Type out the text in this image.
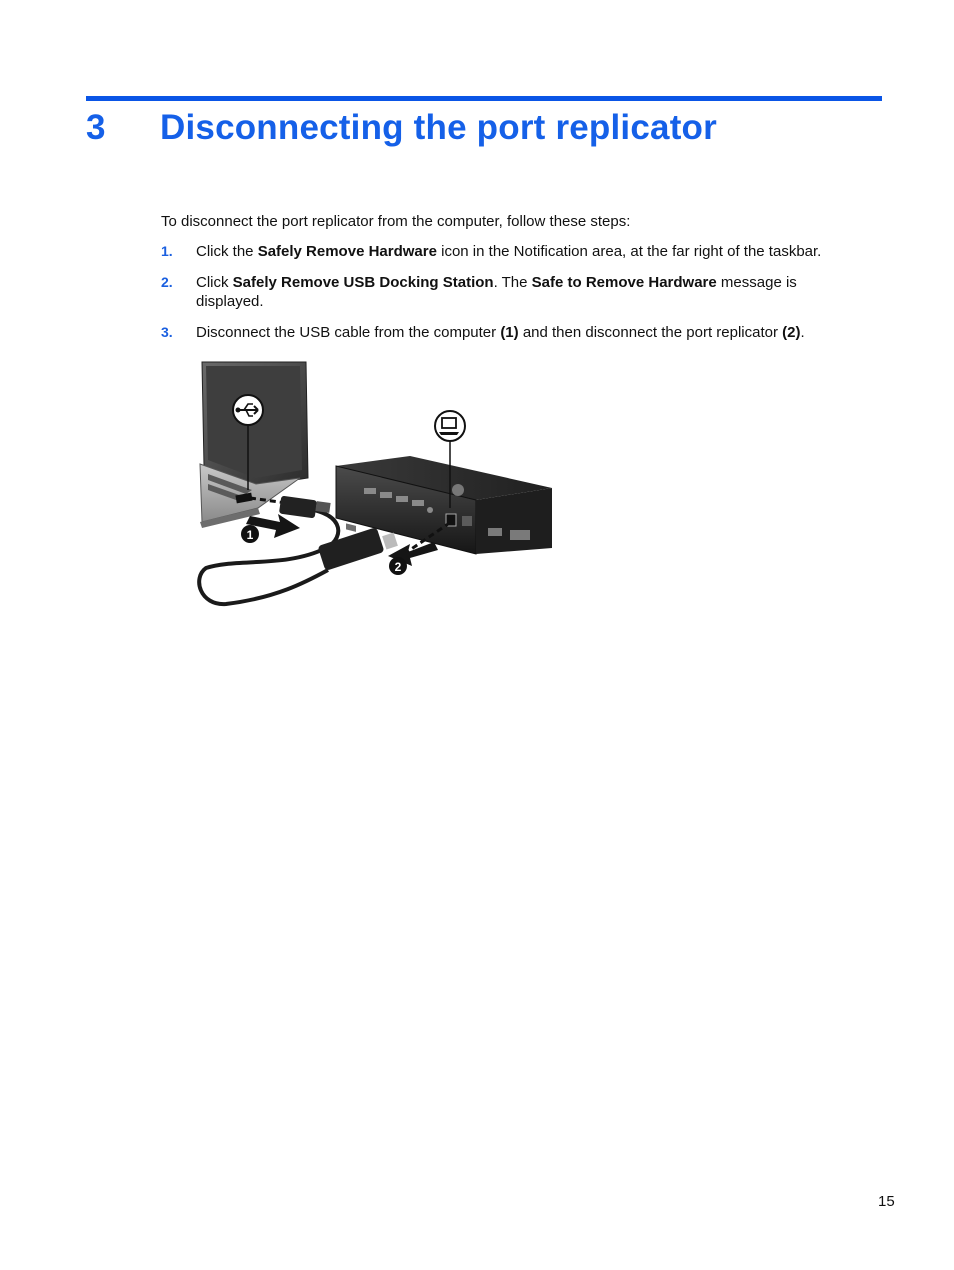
3 Disconnecting the port replicator
To disconnect the port replicator from the computer, follow these steps:
1. Click the Safely Remove Hardware icon in the Notification area, at the far right of the taskbar.
2. Click Safely Remove USB Docking Station. The Safe to Remove Hardware message is displayed.
3. Disconnect the USB cable from the computer (1) and then disconnect the port replicator (2).
1
2
15
